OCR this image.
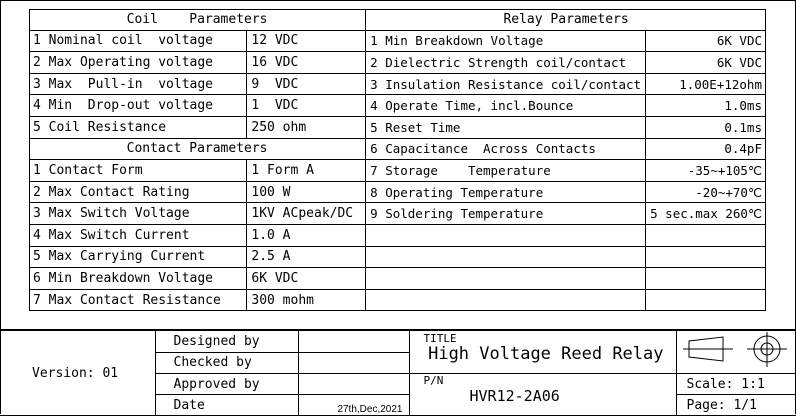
Coil    Parameters		Relay Parameters	
1 Nominal coil  voltage	12 VDC	1 Min Breakdown Voltage	6K VDC
2 Max Operating voltage	16 VDC	2 Dielectric Strength coil/contact	6K VDC
3 Max  Pull-in  voltage	9  VDC	3 Insulation Resistance coil/contact	1.00E+12ohm
4 Min  Drop-out voltage	1  VDC	4 Operate Time, incl.Bounce	1.0ms
5 Coil Resistance	250 ohm	5 Reset Time	0.1ms
Contact Parameters		6 Capacitance  Across Contacts	0.4pF
1 Contact Form	1 Form A	7 Storage    Temperature	-35~+105℃
2 Max Contact Rating	100 W	8 Operating Temperature	-20~+70℃
3 Max Switch Voltage	1KV ACpeak/DC	9 Soldering Temperature	5 sec.max 260℃
4 Max Switch Current	1.0 A		
5 Max Carrying Current	2.5 A		
6 Min Breakdown Voltage	6K VDC		
7 Max Contact Resistance	300 mohm		
Version: 01	Designed by		TITLE
High Voltage Reed Relay

	Checked by			
	Approved by		P/N
HVR12-2A06	Scale: 1:1
	Date	27th,Dec,2021		Page: 1/1
